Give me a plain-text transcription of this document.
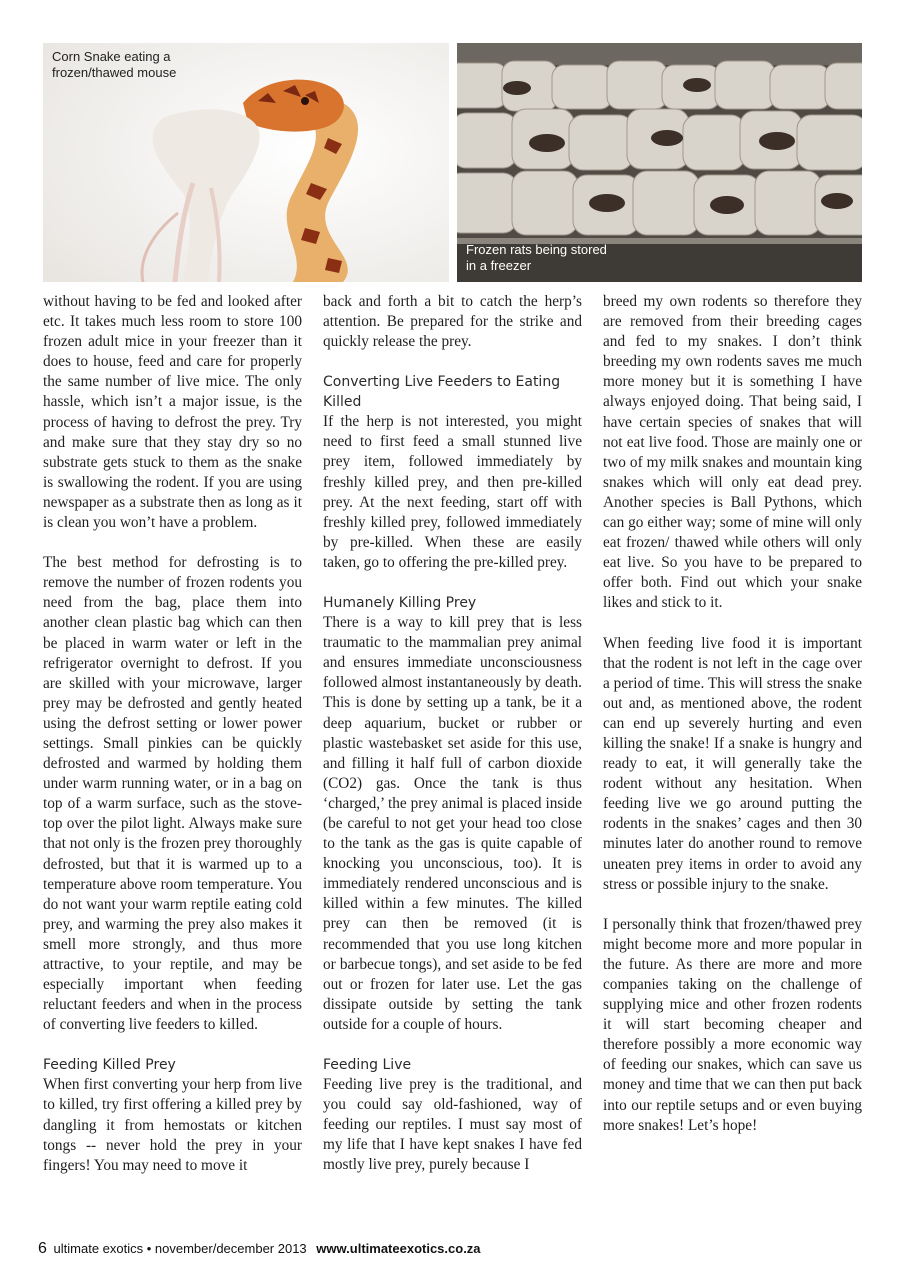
Corn Snake eating a
frozen/thawed mouse

Frozen rats being stored
in a freezer

without having to be fed and looked after etc. It takes much less room to store 100 frozen adult mice in your freezer than it does to house, feed and care for properly the same number of live mice. The only hassle, which isn’t a major issue, is the process of having to defrost the prey. Try and make sure that they stay dry so no substrate gets stuck to them as the snake is swallowing the rodent. If you are using newspaper as a substrate then as long as it is clean you won’t have a problem.

The best method for defrosting is to remove the number of frozen rodents you need from the bag, place them into another clean plastic bag which can then be placed in warm water or left in the refrigerator overnight to defrost. If you are skilled with your microwave, larger prey may be defrosted and gently heated using the defrost setting or lower power settings. Small pinkies can be quickly defrosted and warmed by holding them under warm running water, or in a bag on top of a warm surface, such as the stove-top over the pilot light. Always make sure that not only is the frozen prey thoroughly defrosted, but that it is warmed up to a temperature above room temperature. You do not want your warm reptile eating cold prey, and warming the prey also makes it smell more strongly, and thus more attractive, to your reptile, and may be especially important when feeding reluctant feeders and when in the process of converting live feeders to killed.

Feeding Killed Prey

When first converting your herp from live to killed, try first offering a killed prey by dangling it from hemostats or kitchen tongs -- never hold the prey in your fingers! You may need to move it

back and forth a bit to catch the herp’s attention. Be prepared for the strike and quickly release the prey.

Converting Live Feeders to Eating Killed

If the herp is not interested, you might need to first feed a small stunned live prey item, followed immediately by freshly killed prey, and then pre-killed prey. At the next feeding, start off with freshly killed prey, followed immediately by pre-killed. When these are easily taken, go to offering the pre-killed prey.

Humanely Killing Prey

There is a way to kill prey that is less traumatic to the mammalian prey animal and ensures immediate unconsciousness followed almost instantaneously by death. This is done by setting up a tank, be it a deep aquarium, bucket or rubber or plastic wastebasket set aside for this use, and filling it half full of carbon dioxide (CO2) gas. Once the tank is thus ‘charged,’ the prey animal is placed inside (be careful to not get your head too close to the tank as the gas is quite capable of knocking you unconscious, too). It is immediately rendered unconscious and is killed within a few minutes. The killed prey can then be removed (it is recommended that you use long kitchen or barbecue tongs), and set aside to be fed out or frozen for later use. Let the gas dissipate outside by setting the tank outside for a couple of hours.

Feeding Live

Feeding live prey is the traditional, and you could say old-fashioned, way of feeding our reptiles. I must say most of my life that I have kept snakes I have fed mostly live prey, purely because I

breed my own rodents so therefore they are removed from their breeding cages and fed to my snakes. I don’t think breeding my own rodents saves me much more money but it is something I have always enjoyed doing. That being said, I have certain species of snakes that will not eat live food. Those are mainly one or two of my milk snakes and mountain king snakes which will only eat dead prey. Another species is Ball Pythons, which can go either way; some of mine will only eat frozen/ thawed while others will only eat live. So you have to be prepared to offer both. Find out which your snake likes and stick to it.

When feeding live food it is important that the rodent is not left in the cage over a period of time. This will stress the snake out and, as mentioned above, the rodent can end up severely hurting and even killing the snake! If a snake is hungry and ready to eat, it will generally take the rodent without any hesitation. When feeding live we go around putting the rodents in the snakes’ cages and then 30 minutes later do another round to remove uneaten prey items in order to avoid any stress or possible injury to the snake.

I personally think that frozen/thawed prey might become more and more popular in the future. As there are more and more companies taking on the challenge of supplying mice and other frozen rodents it will start becoming cheaper and therefore possibly a more economic way of feeding our snakes, which can save us money and time that we can then put back into our reptile setups and or even buying more snakes! Let’s hope!

6 ultimate exotics • november/december 2013 www.ultimateexotics.co.za
